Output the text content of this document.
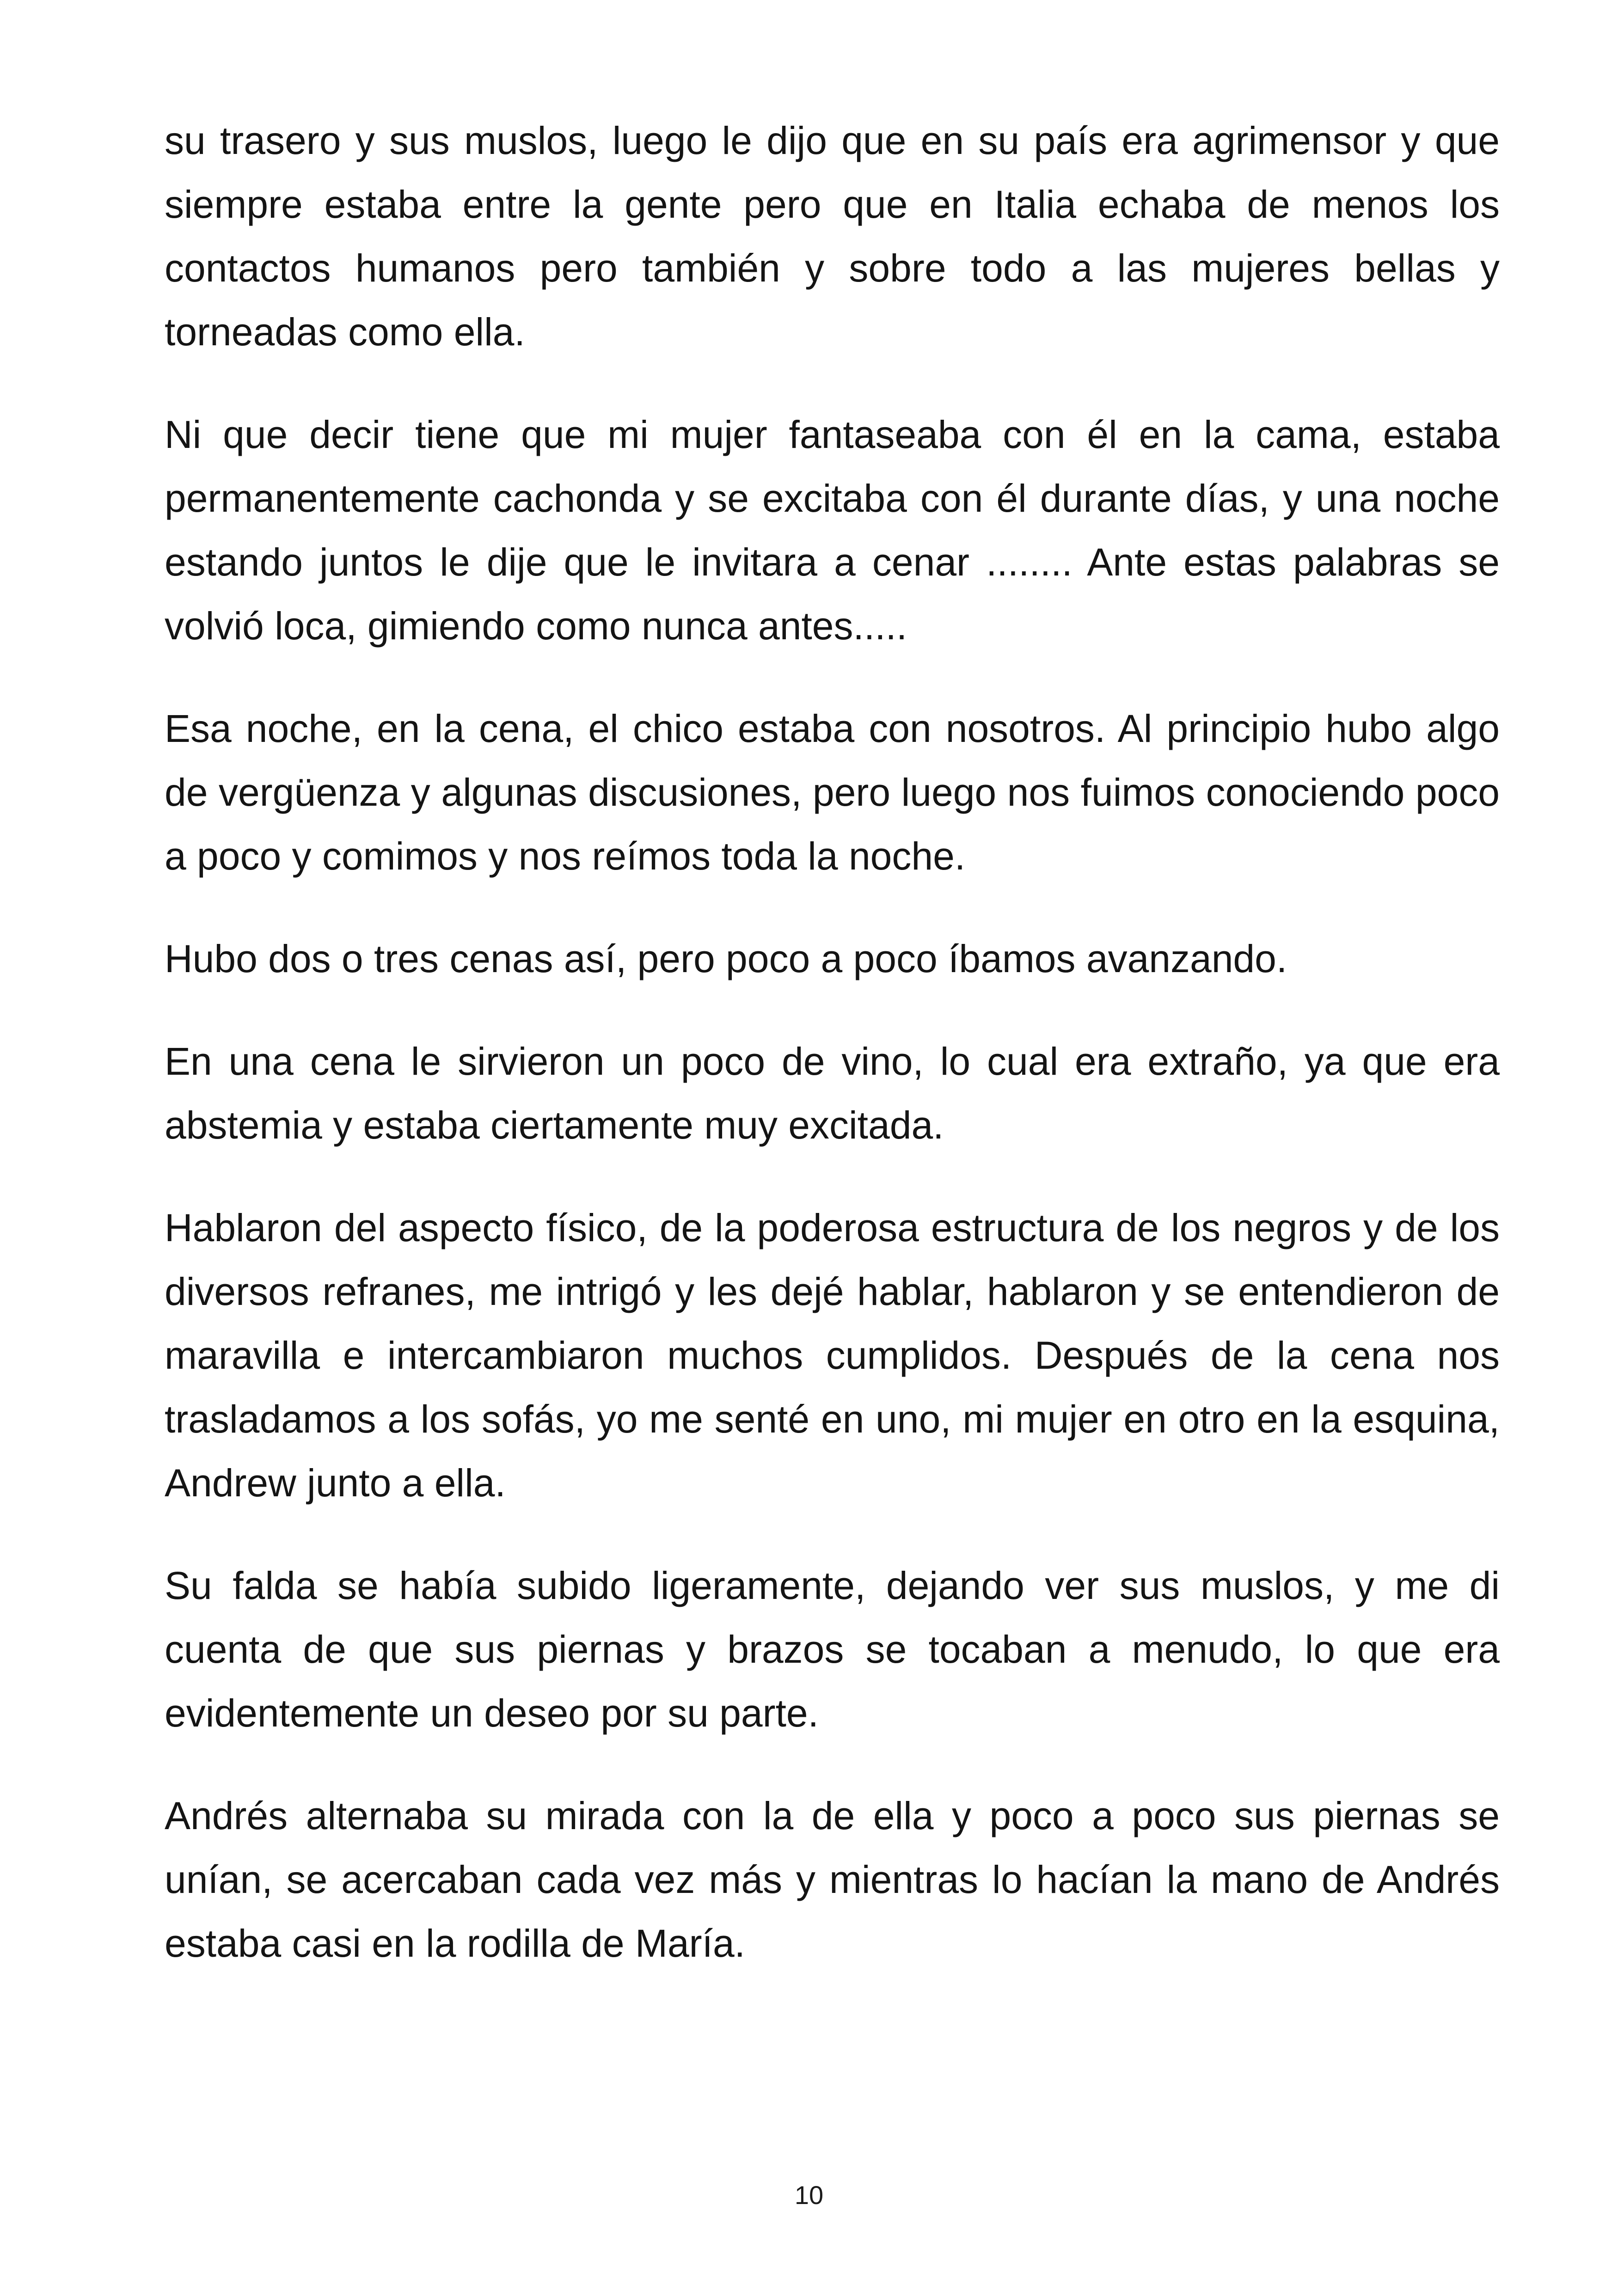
su trasero y sus muslos, luego le dijo que en su país era agrimensor y que siempre estaba entre la gente pero que en Italia echaba de menos los contactos humanos pero también y sobre todo a las mujeres bellas y torneadas como ella.

Ni que decir tiene que mi mujer fantaseaba con él en la cama, estaba permanentemente cachonda y se excitaba con él durante días, y una noche estando juntos le dije que le invitara a cenar ........ Ante estas palabras se volvió loca, gimiendo como nunca antes.....

Esa noche, en la cena, el chico estaba con nosotros. Al principio hubo algo de vergüenza y algunas discusiones, pero luego nos fuimos conociendo poco a poco y comimos y nos reímos toda la noche.

Hubo dos o tres cenas así, pero poco a poco íbamos avanzando.

En una cena le sirvieron un poco de vino, lo cual era extraño, ya que era abstemia y estaba ciertamente muy excitada.

Hablaron del aspecto físico, de la poderosa estructura de los negros y de los diversos refranes, me intrigó y les dejé hablar, hablaron y se entendieron de maravilla e intercambiaron muchos cumplidos. Después de la cena nos trasladamos a los sofás, yo me senté en uno, mi mujer en otro en la esquina, Andrew junto a ella.

Su falda se había subido ligeramente, dejando ver sus muslos, y me di cuenta de que sus piernas y brazos se tocaban a menudo, lo que era evidentemente un deseo por su parte.

Andrés alternaba su mirada con la de ella y poco a poco sus piernas se unían, se acercaban cada vez más y mientras lo hacían la mano de Andrés estaba casi en la rodilla de María.

10
